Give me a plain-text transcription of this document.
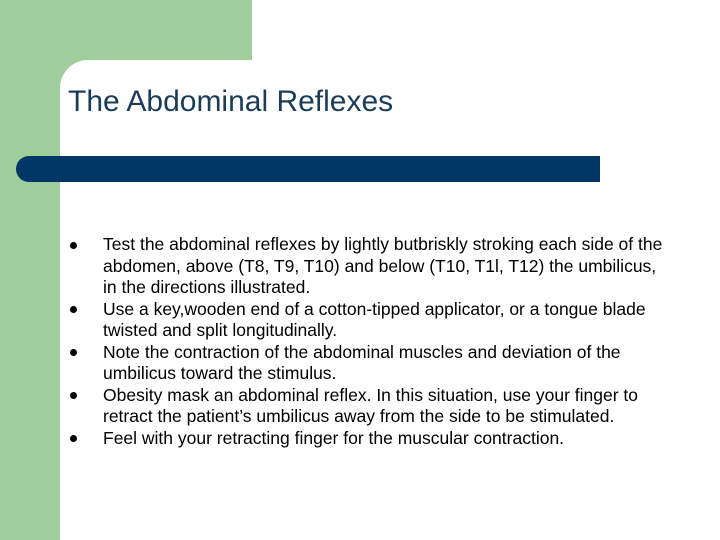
The Abdominal Reflexes
Test the abdominal reflexes by lightly butbriskly stroking each side of the abdomen, above (T8, T9, T10) and below (T10, T1l, T12) the umbilicus, in the directions illustrated.
Use a key,wooden end of a cotton-tipped applicator, or a tongue blade twisted and split longitudinally.
Note the contraction of the abdominal muscles and deviation of the umbilicus toward the stimulus.
Obesity mask an abdominal reflex. In this situation, use your finger to retract the patient’s umbilicus away from the side to be stimulated.
Feel with your retracting finger for the muscular contraction.
